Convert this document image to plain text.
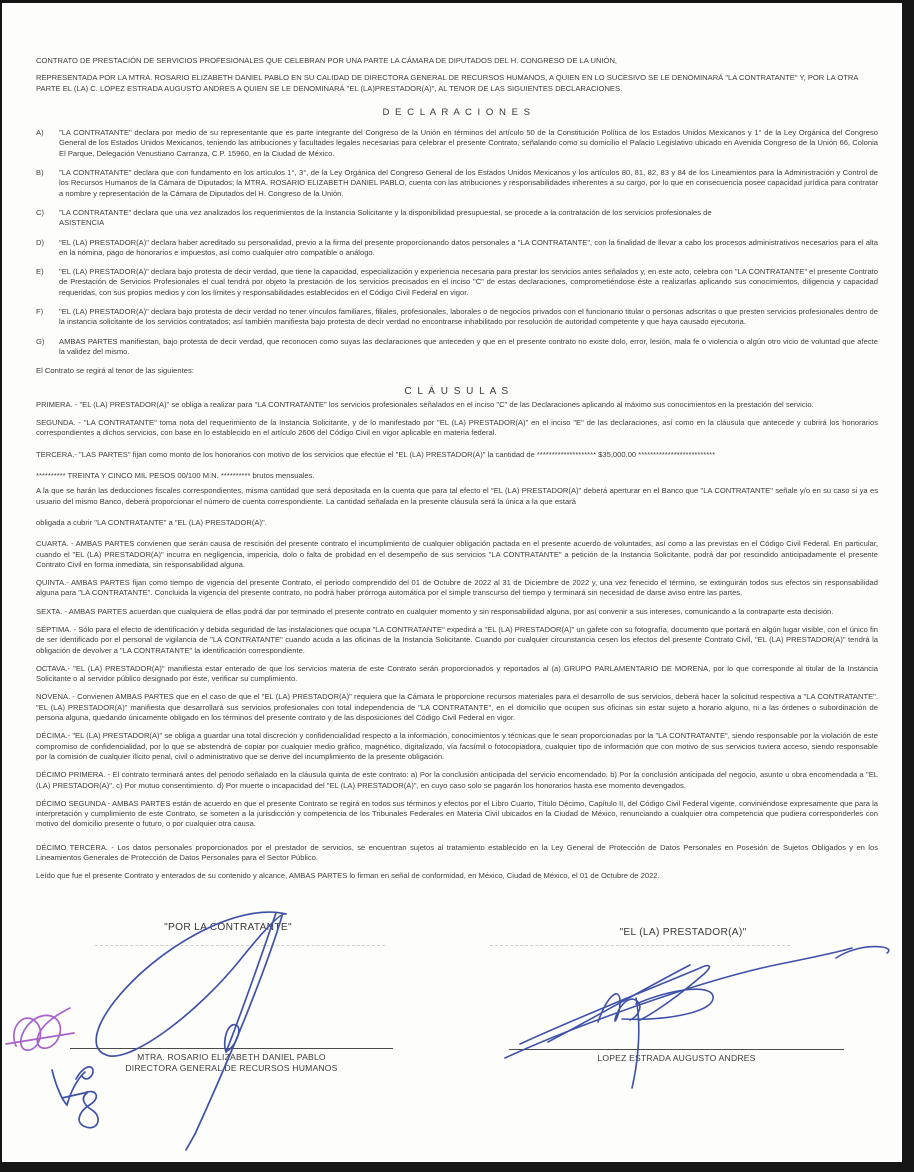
CONTRATO DE PRESTACIÓN DE SERVICIOS PROFESIONALES QUE CELEBRAN POR UNA PARTE LA CÁMARA DE DIPUTADOS DEL H. CONGRESO DE LA UNIÓN,

REPRESENTADA POR LA MTRA. ROSARIO ELIZABETH DANIEL PABLO EN SU CALIDAD DE DIRECTORA GENERAL DE RECURSOS HUMANOS, A QUIEN EN LO SUCESIVO SE LE DENOMINARÁ "LA CONTRATANTE" Y, POR LA OTRA PARTE EL (LA) C. LOPEZ ESTRADA AUGUSTO ANDRES A QUIEN SE LE DENOMINARÁ "EL (LA)PRESTADOR(A)", AL TENOR DE LAS SIGUIENTES DECLARACIONES.

D E C L A R A C I O N E S
A)	"LA CONTRATANTE" declara por medio de su representante que es parte integrante del Congreso de la Unión en términos del artículo 50 de la Constitución Política de los Estados Unidos Mexicanos y 1° de la Ley Orgánica del Congreso General de los Estados Unidos Mexicanos, teniendo las atribuciones y facultades legales necesarias para celebrar el presente Contrato, señalando como su domicilio el Palacio Legislativo ubicado en Avenida Congreso de la Unión 66, Colonia El Parque, Delegación Venustiano Carranza, C.P. 15960, en la Ciudad de México.
B)	"LA CONTRATANTE" declara que con fundamento en los artículos 1°, 3°, de la Ley Orgánica del Congreso General de los Estados Unidos Mexicanos y los artículos 80, 81, 82, 83 y 84 de los Lineamientos para la Administración y Control de los Recursos Humanos de la Cámara de Diputados; la MTRA. ROSARIO ELIZABETH DANIEL PABLO, cuenta con las atribuciones y responsabilidades inherentes a su cargo, por lo que en consecuencia posee capacidad jurídica para contratar a nombre y representación de la Cámara de Diputados del H. Congreso de la Unión.
C)	"LA CONTRATANTE" declara que una vez analizados los requerimientos de la Instancia Solicitante y la disponibilidad presupuestal, se procede a la contratación de los servicios profesionales de
ASISTENCIA
D)	"EL (LA) PRESTADOR(A)" declara haber acreditado su personalidad, previo a la firma del presente proporcionando datos personales a "LA CONTRATANTE", con la finalidad de llevar a cabo los procesos administrativos necesarios para el alta en la nómina, pago de honorarios e impuestos, así como cualquier otro compatible o análogo.
E)	"EL (LA) PRESTADOR(A)" declara bajo protesta de decir verdad, que tiene la capacidad, especialización y experiencia necesaria para prestar los servicios antes señalados y, en este acto, celebra con "LA CONTRATANTE" el presente Contrato de Prestación de Servicios Profesionales el cual tendrá por objeto la prestación de los servicios precisados en el inciso "C" de estas declaraciones, comprometiéndose éste a realizarlas aplicando sus conocimientos, diligencia y capacidad requeridas, con sus propios medios y con los límites y responsabilidades establecidos en el Código Civil Federal en vigor.
F)	"EL (LA) PRESTADOR(A)" declara bajo protesta de decir verdad no tener vínculos familiares, filiales, profesionales, laborales o de negocios privados con el funcionario titular o personas adscritas o que presten servicios profesionales dentro de la instancia solicitante de los servicios contratados; así también manifiesta bajo protesta de decir verdad no encontrarse inhabilitado por resolución de autoridad competente y que haya causado ejecutoria.
G)	AMBAS PARTES manifiestan, bajo protesta de decir verdad, que reconocen como suyas las declaraciones que anteceden y que en el presente contrato no existe dolo, error, lesión, mala fe o violencia o algún otro vicio de voluntad que afecte la validez del mismo.

El Contrato se regirá al tenor de las siguientes:

C L Á U S U L A S

PRIMERA. - "EL (LA) PRESTADOR(A)" se obliga a realizar para "LA CONTRATANTE" los servicios profesionales señalados en el inciso "C" de las Declaraciones aplicando al máximo sus conocimientos en la prestación del servicio.

SEGUNDA. - "LA CONTRATANTE" toma nota del requerimiento de la Instancia Solicitante, y de lo manifestado por "EL (LA) PRESTADOR(A)" en el inciso "E" de las declaraciones, así como en la cláusula que antecede y cubrirá los honorarios correspondientes a dichos servicios, con base en lo establecido en el artículo 2606 del Código Civil en vigor aplicable en materia federal.

TERCERA.- "LAS PARTES" fijan como monto de los honorarios con motivo de los servicios que efectúe el "EL (LA) PRESTADOR(A)" la cantidad de ******************** $35,000.00 **************************

********** TREINTA Y CINCO MIL PESOS 00/100 M.N. ********** brutos mensuales.

A la que se harán las deducciones fiscales correspondientes, misma cantidad que será depositada en la cuenta que para tal efecto el "EL (LA) PRESTADOR(A)" deberá aperturar en el Banco que "LA CONTRATANTE" señale y/o en su caso si ya es usuario del mismo Banco, deberá proporcionar el número de cuenta correspondiente. La cantidad señalada en la presente cláusula será la única a la que estará

obligada a cubrir "LA CONTRATANTE" a "EL (LA) PRESTADOR(A)".

CUARTA. - AMBAS PARTES convienen que serán causa de rescisión del presente contrato el incumplimiento de cualquier obligación pactada en el presente acuerdo de voluntades, así como a las previstas en el Código Civil Federal. En particular, cuando el "EL (LA) PRESTADOR(A)" incurra en negligencia, impericia, dolo o falta de probidad en el desempeño de sus servicios "LA CONTRATANTE" a petición de la Instancia Solicitante, podrá dar por rescindido anticipadamente el presente Contrato Civil en forma inmediata, sin responsabilidad alguna.

QUINTA.- AMBAS PARTES fijan como tiempo de vigencia del presente Contrato, el periodo comprendido del 01 de Octubre de 2022 al 31 de Diciembre de 2022 y, una vez fenecido el término, se extinguirán todos sus efectos sin responsabilidad alguna para "LA CONTRATANTE". Concluida la vigencia del presente contrato, no podrá haber prórroga automática por el simple transcurso del tiempo y terminará sin necesidad de darse aviso entre las partes.

SEXTA. - AMBAS PARTES acuerdan que cualquiera de ellas podrá dar por terminado el presente contrato en cualquier momento y sin responsabilidad alguna, por así convenir a sus intereses, comunicando a la contraparte esta decisión.

SÉPTIMA. - Sólo para el efecto de identificación y debida seguridad de las instalaciones que ocupa "LA CONTRATANTE" expedirá a "EL (LA) PRESTADOR(A)" un gafete con su fotografía, documento que portará en algún lugar visible, con el único fin de ser identificado por el personal de vigilancia de "LA CONTRATANTE" cuando acuda a las oficinas de la Instancia Solicitante. Cuando por cualquier circunstancia cesen los efectos del presente Contrato Civil, "EL (LA) PRESTADOR(A)" tendrá la obligación de devolver a "LA CONTRATANTE" la identificación correspondiente.

OCTAVA.- "EL (LA) PRESTADOR(A)" manifiesta estar enterado de que los servicios materia de este Contrato serán proporcionados y reportados al (a) GRUPO PARLAMENTARIO DE MORENA, por lo que corresponde al titular de la Instancia Solicitante o al servidor público designado por éste, verificar su cumplimiento.

NOVENA. - Convienen AMBAS PARTES que en el caso de que el "EL (LA) PRESTADOR(A)" requiera que la Cámara le proporcione recursos materiales para el desarrollo de sus servicios, deberá hacer la solicitud respectiva a "LA CONTRATANTE". "EL (LA) PRESTADOR(A)" manifiesta que desarrollará sus servicios profesionales con total independencia de "LA CONTRATANTE", en el domicilio que ocupen sus oficinas sin estar sujeto a horario alguno, ni a las órdenes o subordinación de persona alguna, quedando únicamente obligado en los términos del presente contrato y de las disposiciones del Código Civil Federal en vigor.

DÉCIMA.- "EL (LA) PRESTADOR(A)" se obliga a guardar una total discreción y confidencialidad respecto a la información, conocimientos y técnicas que le sean proporcionadas por la "LA CONTRATANTE", siendo responsable por la violación de este compromiso de confidencialidad, por lo que se abstendrá de copiar por cualquier medio gráfico, magnético, digitalizado, vía facsímil o fotocopiadora, cualquier tipo de información que con motivo de sus servicios tuviera acceso, siendo responsable por la comisión de cualquier ilícito penal, civil o administrativo que se derive del incumplimiento de la presente obligación.

DÉCIMO PRIMERA. - El contrato terminará antes del periodo señalado en la cláusula quinta de este contrato: a) Por la conclusión anticipada del servicio encomendado. b) Por la conclusión anticipada del negocio, asunto u obra encomendada a "EL (LA) PRESTADOR(A)". c) Por mutuo consentimiento. d) Por muerte o incapacidad del "EL (LA) PRESTADOR(A)", en cuyo caso solo se pagarán los honorarios hasta ese momento devengados.

DÉCIMO SEGUNDA - AMBAS PARTES están de acuerdo en que el presente Contrato se regirá en todos sus términos y efectos por el Libro Cuarto, Título Décimo, Capítulo II, del Código Civil Federal vigente, conviniéndose expresamente que para la interpretación y cumplimiento de este Contrato, se someten a la jurisdicción y competencia de los Tribunales Federales en Materia Civil ubicados en la Ciudad de México, renunciando a cualquier otra competencia que pudiera corresponderles con motivo del domicilio presente o futuro, o por cualquier otra causa.

DÉCIMO TERCERA. - Los datos personales proporcionados por el prestador de servicios, se encuentran sujetos al tratamiento establecido en la Ley General de Protección de Datos Personales en Posesión de Sujetos Obligados y en los Lineamientos Generales de Protección de Datos Personales para el Sector Público.

Leído que fue el presente Contrato y enterados de su contenido y alcance, AMBAS PARTES lo firman en señal de conformidad, en México, Ciudad de México, el 01 de Octubre de 2022.

"POR LA CONTRATANTE"	"EL (LA) PRESTADOR(A)"
MTRA. ROSARIO ELIZABETH DANIEL PABLO
DIRECTORA GENERAL DE RECURSOS HUMANOS
LOPEZ ESTRADA AUGUSTO ANDRES
